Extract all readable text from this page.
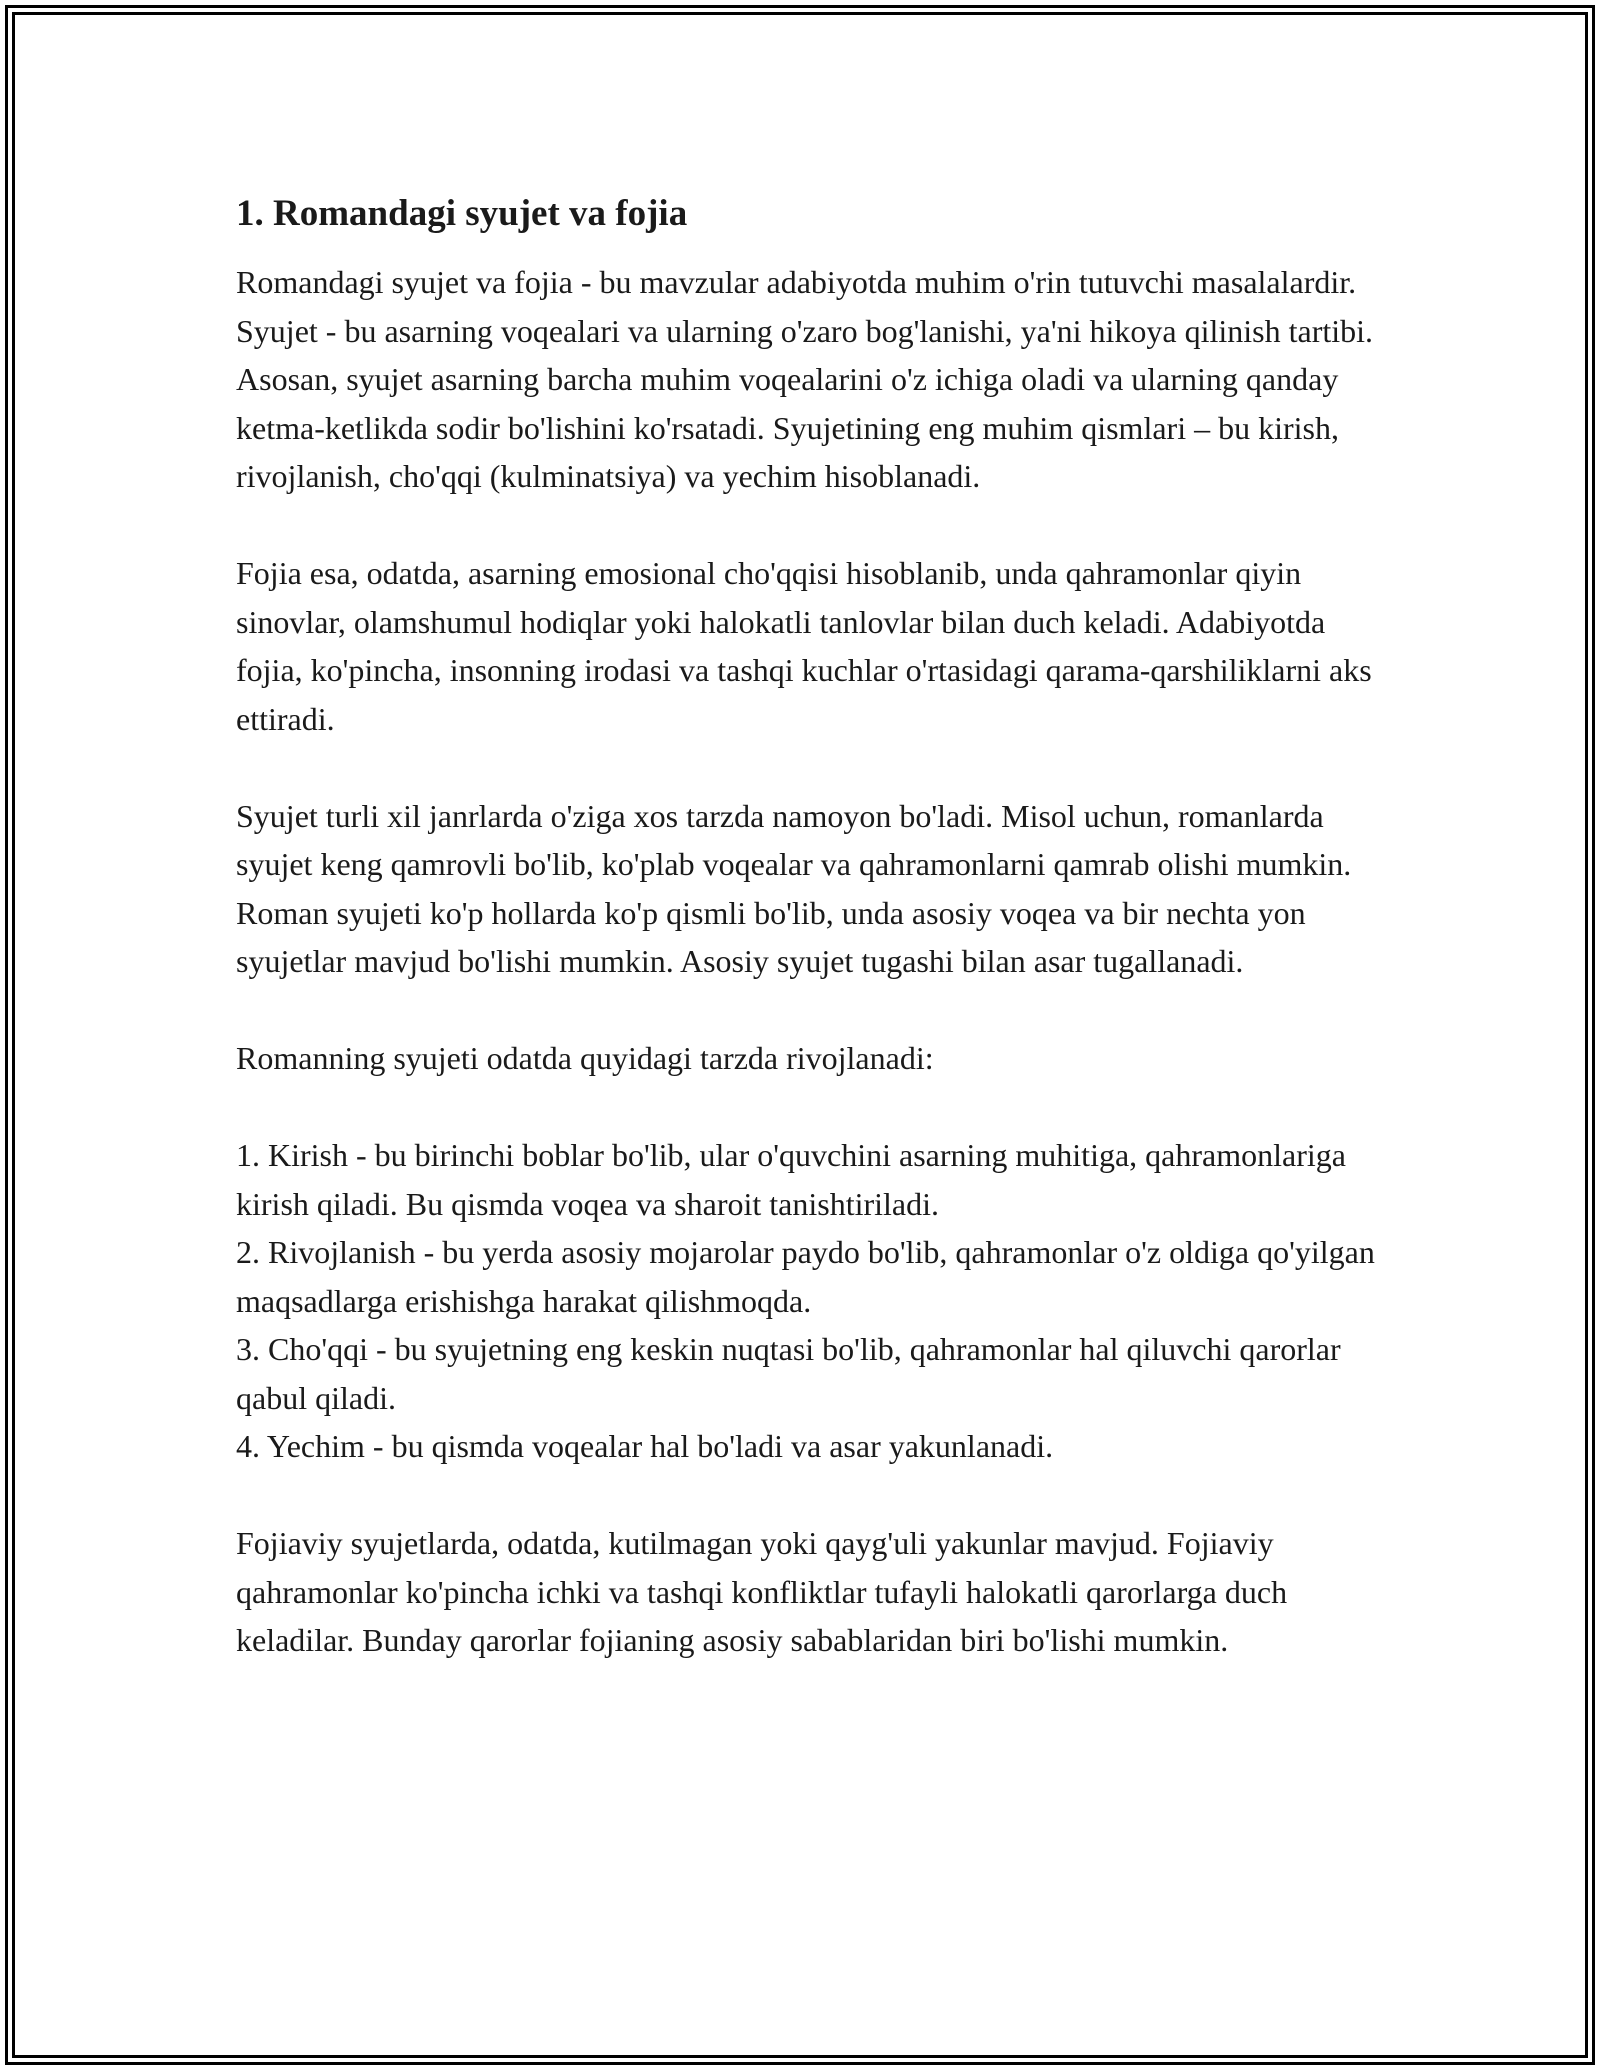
1. Romandagi syujet va fojia

Romandagi syujet va fojia - bu mavzular adabiyotda muhim o'rin tutuvchi masalalardir. Syujet - bu asarning voqealari va ularning o'zaro bog'lanishi, ya'ni hikoya qilinish tartibi. Asosan, syujet asarning barcha muhim voqealarini o'z ichiga oladi va ularning qanday ketma-ketlikda sodir bo'lishini ko'rsatadi. Syujetining eng muhim qismlari – bu kirish, rivojlanish, cho'qqi (kulminatsiya) va yechim hisoblanadi.

Fojia esa, odatda, asarning emosional cho'qqisi hisoblanib, unda qahramonlar qiyin sinovlar, olamshumul hodiqlar yoki halokatli tanlovlar bilan duch keladi. Adabiyotda fojia, ko'pincha, insonning irodasi va tashqi kuchlar o'rtasidagi qarama-qarshiliklarni aks ettiradi.

Syujet turli xil janrlarda o'ziga xos tarzda namoyon bo'ladi. Misol uchun, romanlarda syujet keng qamrovli bo'lib, ko'plab voqealar va qahramonlarni qamrab olishi mumkin. Roman syujeti ko'p hollarda ko'p qismli bo'lib, unda asosiy voqea va bir nechta yon syujetlar mavjud bo'lishi mumkin. Asosiy syujet tugashi bilan asar tugallanadi.

Romanning syujeti odatda quyidagi tarzda rivojlanadi:

1. Kirish - bu birinchi boblar bo'lib, ular o'quvchini asarning muhitiga, qahramonlariga kirish qiladi. Bu qismda voqea va sharoit tanishtiriladi.
2. Rivojlanish - bu yerda asosiy mojarolar paydo bo'lib, qahramonlar o'z oldiga qo'yilgan maqsadlarga erishishga harakat qilishmoqda.
3. Cho'qqi - bu syujetning eng keskin nuqtasi bo'lib, qahramonlar hal qiluvchi qarorlar qabul qiladi.
4. Yechim - bu qismda voqealar hal bo'ladi va asar yakunlanadi.

Fojiaviy syujetlarda, odatda, kutilmagan yoki qayg'uli yakunlar mavjud. Fojiaviy qahramonlar ko'pincha ichki va tashqi konfliktlar tufayli halokatli qarorlarga duch keladilar. Bunday qarorlar fojianing asosiy sabablaridan biri bo'lishi mumkin.
